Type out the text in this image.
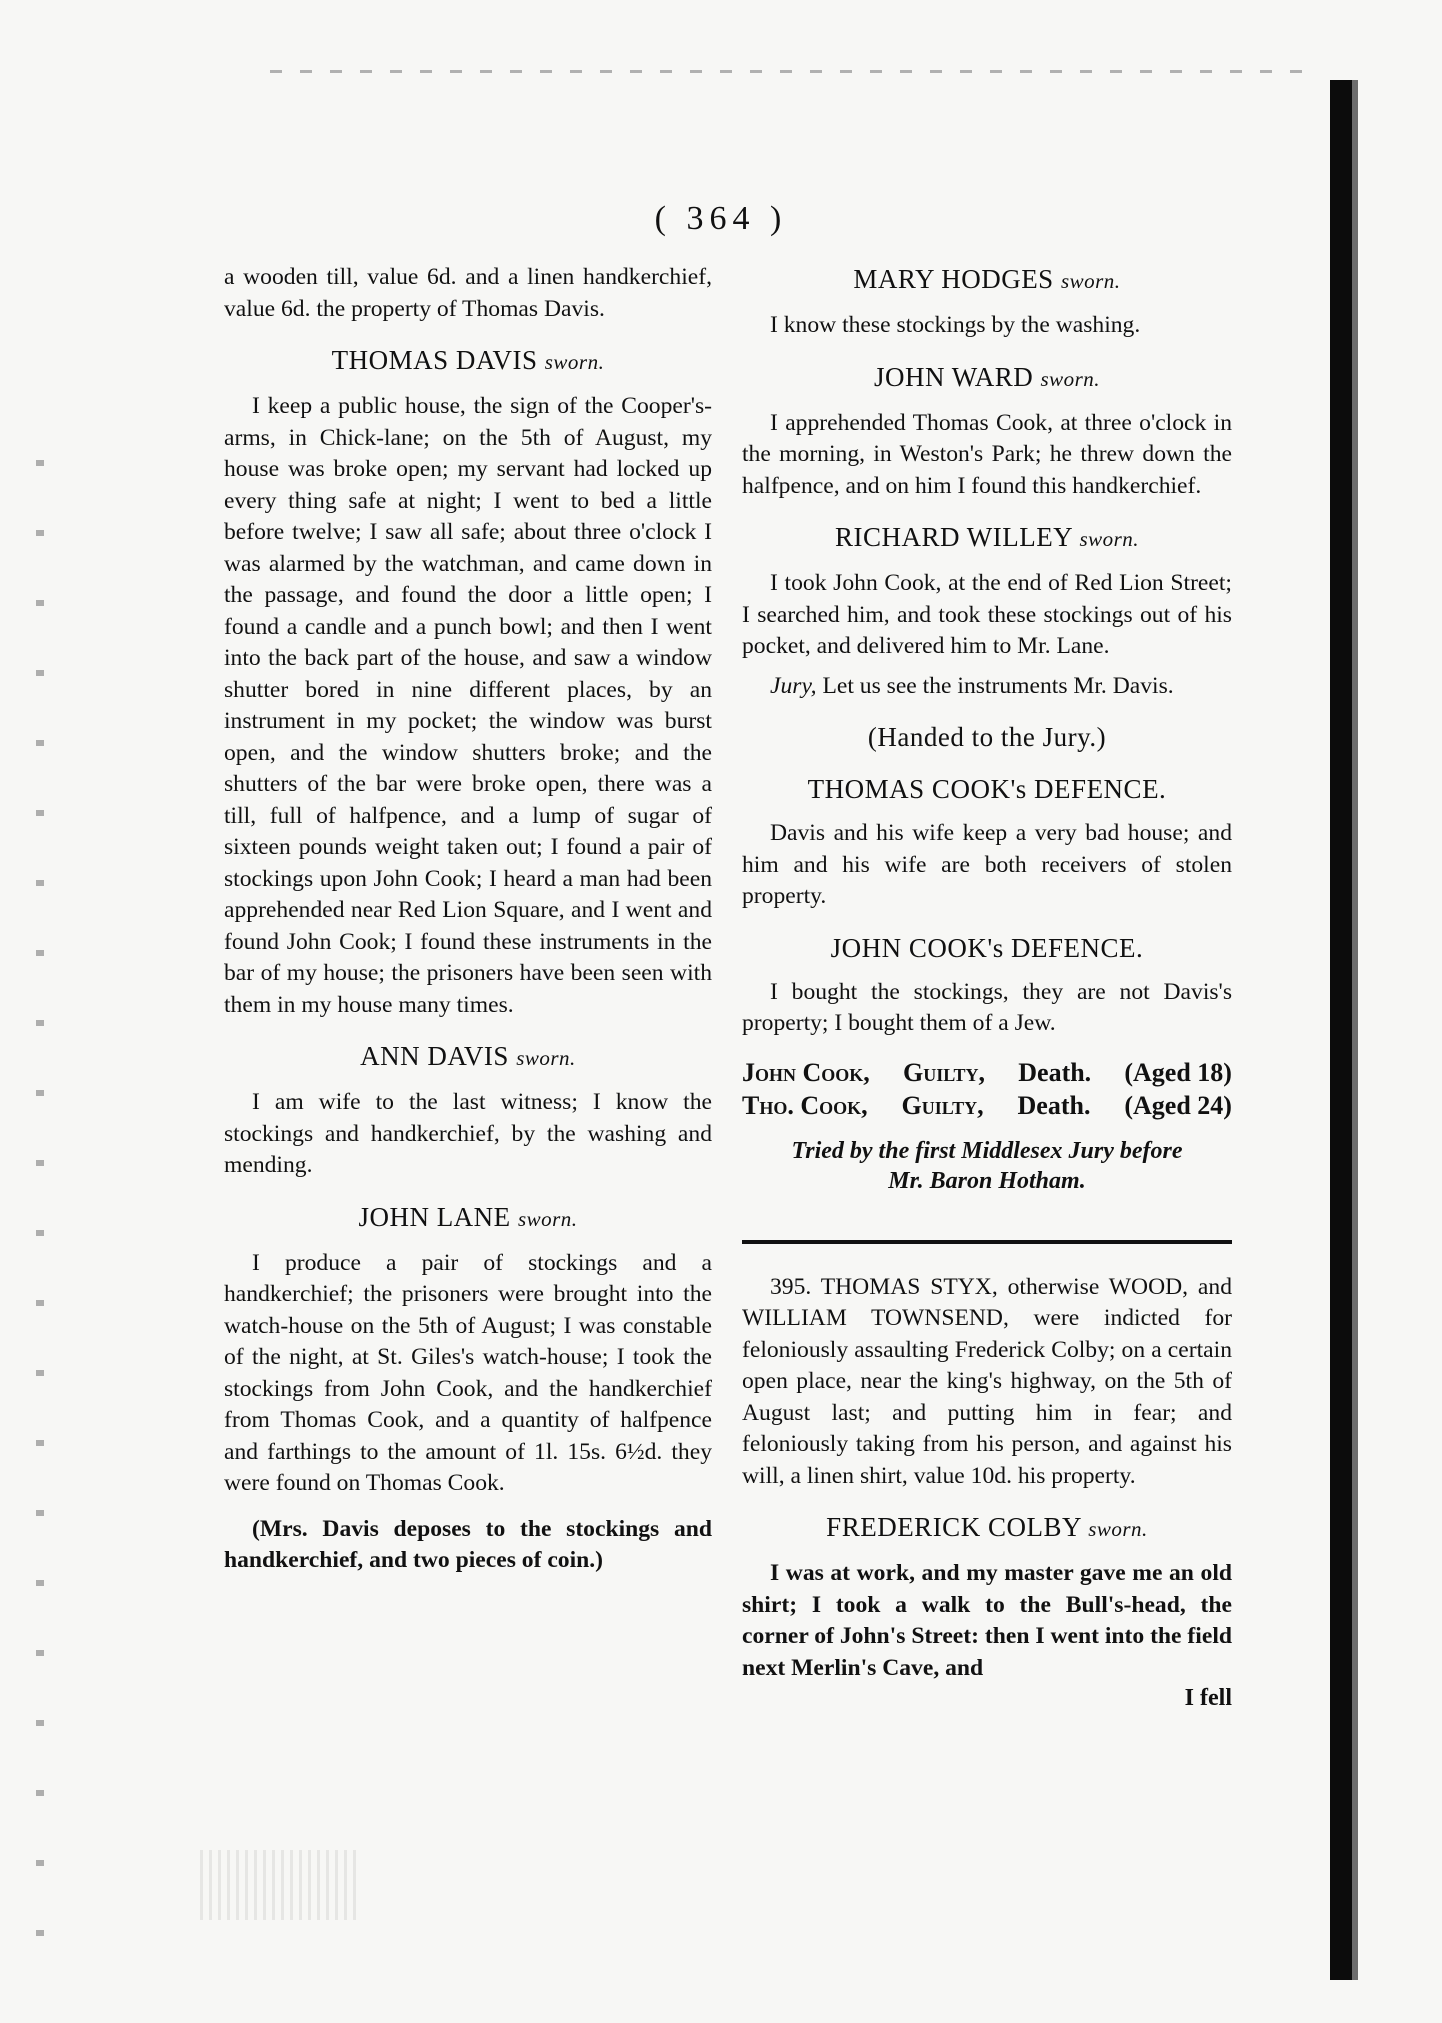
( 364 )

a wooden till, value 6d. and a linen handkerchief, value 6d. the property of Thomas Davis.

THOMAS DAVIS sworn.

I keep a public house, the sign of the Cooper's-arms, in Chick-lane; on the 5th of August, my house was broke open; my servant had locked up every thing safe at night; I went to bed a little before twelve; I saw all safe; about three o'clock I was alarmed by the watchman, and came down in the passage, and found the door a little open; I found a candle and a punch bowl; and then I went into the back part of the house, and saw a window shutter bored in nine different places, by an instrument in my pocket; the window was burst open, and the window shutters broke; and the shutters of the bar were broke open, there was a till, full of halfpence, and a lump of sugar of sixteen pounds weight taken out; I found a pair of stockings upon John Cook; I heard a man had been apprehended near Red Lion Square, and I went and found John Cook; I found these instruments in the bar of my house; the prisoners have been seen with them in my house many times.

ANN DAVIS sworn.

I am wife to the last witness; I know the stockings and handkerchief, by the washing and mending.

JOHN LANE sworn.

I produce a pair of stockings and a handkerchief; the prisoners were brought into the watch-house on the 5th of August; I was constable of the night, at St. Giles's watch-house; I took the stockings from John Cook, and the handkerchief from Thomas Cook, and a quantity of halfpence and farthings to the amount of 1l. 15s. 6½d. they were found on Thomas Cook.

(Mrs. Davis deposes to the stockings and handkerchief, and two pieces of coin.)

MARY HODGES sworn.

I know these stockings by the washing.

JOHN WARD sworn.

I apprehended Thomas Cook, at three o'clock in the morning, in Weston's Park; he threw down the halfpence, and on him I found this handkerchief.

RICHARD WILLEY sworn.

I took John Cook, at the end of Red Lion Street; I searched him, and took these stockings out of his pocket, and delivered him to Mr. Lane.

Jury, Let us see the instruments Mr. Davis.

(Handed to the Jury.)
THOMAS COOK's DEFENCE.

Davis and his wife keep a very bad house; and him and his wife are both receivers of stolen property.

JOHN COOK's DEFENCE.

I bought the stockings, they are not Davis's property; I bought them of a Jew.

John Cook, Guilty, Death. (Aged 18)
Tho. Cook, Guilty, Death. (Aged 24)
Tried by the first Middlesex Jury before
Mr. Baron Hotham.

395. THOMAS STYX, otherwise WOOD, and WILLIAM TOWNSEND, were indicted for feloniously assaulting Frederick Colby; on a certain open place, near the king's highway, on the 5th of August last; and putting him in fear; and feloniously taking from his person, and against his will, a linen shirt, value 10d. his property.

FREDERICK COLBY sworn.

I was at work, and my master gave me an old shirt; I took a walk to the Bull's-head, the corner of John's Street: then I went into the field next Merlin's Cave, and

I fell
